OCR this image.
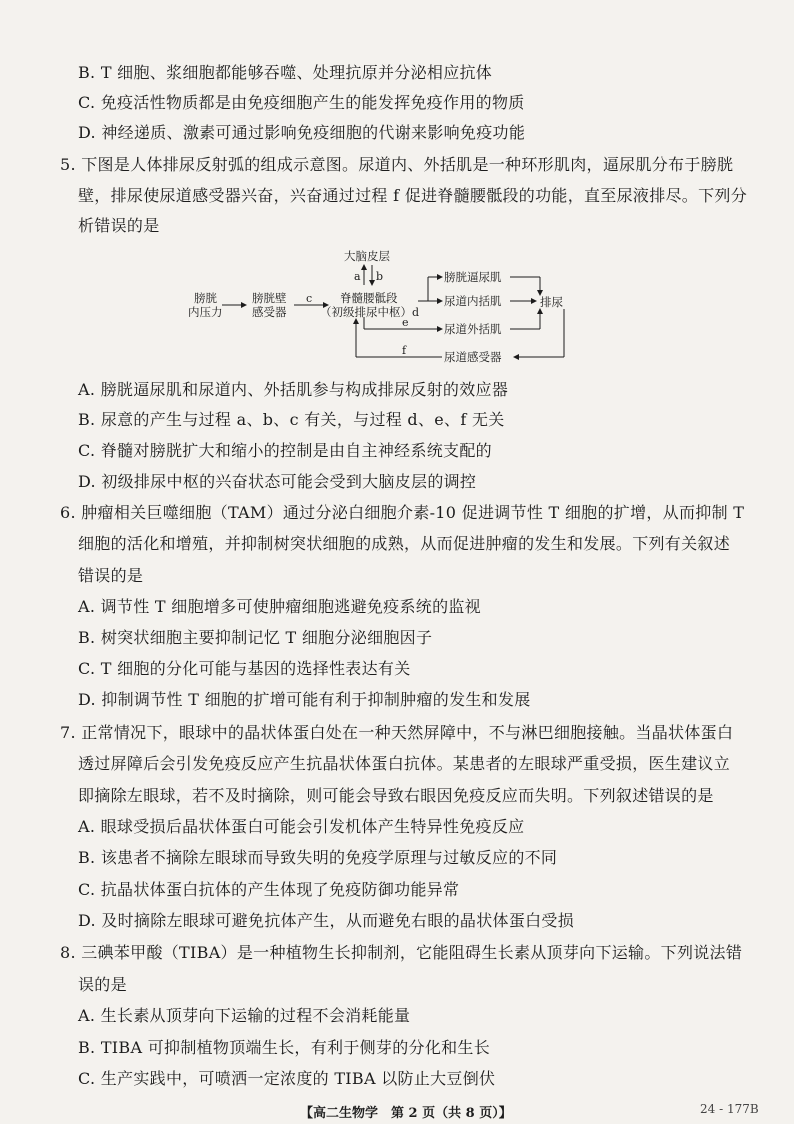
B. T 细胞、浆细胞都能够吞噬、处理抗原并分泌相应抗体
C. 免疫活性物质都是由免疫细胞产生的能发挥免疫作用的物质
D. 神经递质、激素可通过影响免疫细胞的代谢来影响免疫功能
5. 下图是人体排尿反射弧的组成示意图。尿道内、外括肌是一种环形肌肉，逼尿肌分布于膀胱
壁，排尿使尿道感受器兴奋，兴奋通过过程 f 促进脊髓腰骶段的功能，直至尿液排尽。下列分
析错误的是
大脑皮层
a b
膀胱
内压力
膀胱壁
感受器
c 脊髓腰骶段
（初级排尿中枢） d
膀胱逼尿肌
尿道内括肌
尿道外括肌
尿道感受器
排尿
e
f
A. 膀胱逼尿肌和尿道内、外括肌参与构成排尿反射的效应器
B. 尿意的产生与过程 a、b、c 有关，与过程 d、e、f 无关
C. 脊髓对膀胱扩大和缩小的控制是由自主神经系统支配的
D. 初级排尿中枢的兴奋状态可能会受到大脑皮层的调控
6. 肿瘤相关巨噬细胞（TAM）通过分泌白细胞介素-10 促进调节性 T 细胞的扩增，从而抑制 T
细胞的活化和增殖，并抑制树突状细胞的成熟，从而促进肿瘤的发生和发展。下列有关叙述
错误的是
A. 调节性 T 细胞增多可使肿瘤细胞逃避免疫系统的监视
B. 树突状细胞主要抑制记忆 T 细胞分泌细胞因子
C. T 细胞的分化可能与基因的选择性表达有关
D. 抑制调节性 T 细胞的扩增可能有利于抑制肿瘤的发生和发展
7. 正常情况下，眼球中的晶状体蛋白处在一种天然屏障中，不与淋巴细胞接触。当晶状体蛋白
透过屏障后会引发免疫反应产生抗晶状体蛋白抗体。某患者的左眼球严重受损，医生建议立
即摘除左眼球，若不及时摘除，则可能会导致右眼因免疫反应而失明。下列叙述错误的是
A. 眼球受损后晶状体蛋白可能会引发机体产生特异性免疫反应
B. 该患者不摘除左眼球而导致失明的免疫学原理与过敏反应的不同
C. 抗晶状体蛋白抗体的产生体现了免疫防御功能异常
D. 及时摘除左眼球可避免抗体产生，从而避免右眼的晶状体蛋白受损
8. 三碘苯甲酸（TIBA）是一种植物生长抑制剂，它能阻碍生长素从顶芽向下运输。下列说法错
误的是
A. 生长素从顶芽向下运输的过程不会消耗能量
B. TIBA 可抑制植物顶端生长，有利于侧芽的分化和生长
C. 生产实践中，可喷洒一定浓度的 TIBA 以防止大豆倒伏
【高二生物学　第 2 页（共 8 页）】	24 - 177B
